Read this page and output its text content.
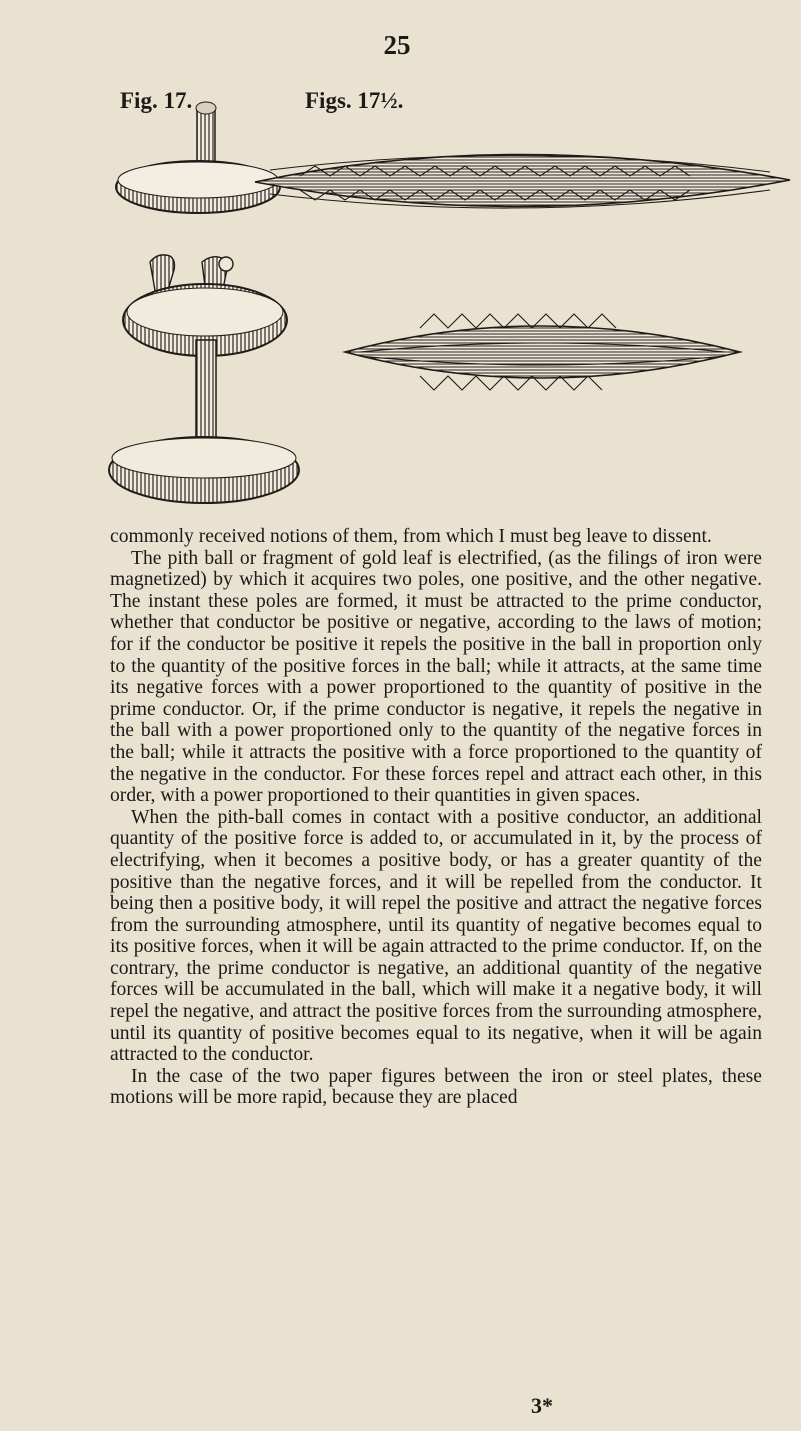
25
Fig. 17.	Figs. 17½.

commonly received notions of them, from which I must beg leave to dissent.

The pith ball or fragment of gold leaf is electrified, (as the filings of iron were magnetized) by which it acquires two poles, one positive, and the other negative. The instant these poles are formed, it must be attracted to the prime conductor, whether that conductor be positive or negative, according to the laws of motion; for if the conductor be positive it repels the positive in the ball in proportion only to the quantity of the positive forces in the ball; while it attracts, at the same time its negative forces with a power proportioned to the quantity of positive in the prime conductor. Or, if the prime conductor is negative, it repels the negative in the ball with a power proportioned only to the quantity of the negative forces in the ball; while it attracts the positive with a force proportioned to the quantity of the negative in the conductor. For these forces repel and attract each other, in this order, with a power proportioned to their quantities in given spaces.

When the pith-ball comes in contact with a positive conductor, an additional quantity of the positive force is added to, or accumulated in it, by the process of electrifying, when it becomes a positive body, or has a greater quantity of the positive than the negative forces, and it will be repelled from the conductor. It being then a positive body, it will repel the positive and attract the negative forces from the surrounding atmosphere, until its quantity of negative becomes equal to its positive forces, when it will be again attracted to the prime conductor. If, on the contrary, the prime conductor is negative, an additional quantity of the negative forces will be accumulated in the ball, which will make it a negative body, it will repel the negative, and attract the positive forces from the surrounding atmosphere, until its quantity of positive becomes equal to its negative, when it will be again attracted to the conductor.

In the case of the two paper figures between the iron or steel plates, these motions will be more rapid, because they are placed

3*
